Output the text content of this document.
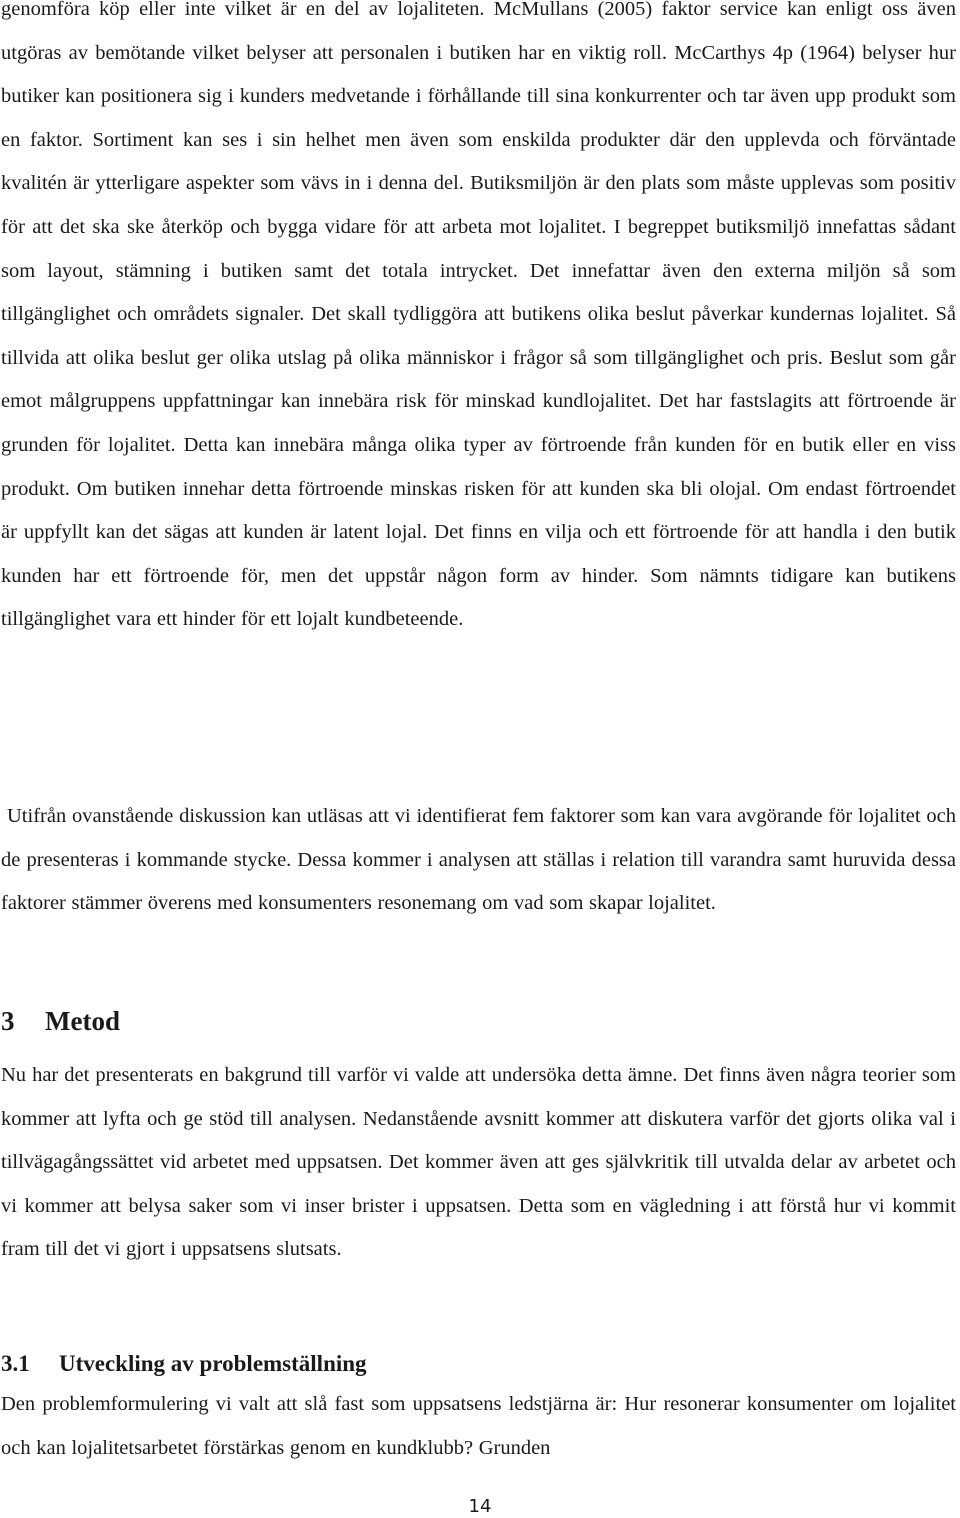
genomföra köp eller inte vilket är en del av lojaliteten. McMullans (2005) faktor service kan enligt oss även utgöras av bemötande vilket belyser att personalen i butiken har en viktig roll. McCarthys 4p (1964) belyser hur butiker kan positionera sig i kunders medvetande i förhållande till sina konkurrenter och tar även upp produkt som en faktor. Sortiment kan ses i sin helhet men även som enskilda produkter där den upplevda och förväntade kvalitén är ytterligare aspekter som vävs in i denna del. Butiksmiljön är den plats som måste upplevas som positiv för att det ska ske återköp och bygga vidare för att arbeta mot lojalitet. I begreppet butiksmiljö innefattas sådant som layout, stämning i butiken samt det totala intrycket. Det innefattar även den externa miljön så som tillgänglighet och områdets signaler. Det skall tydliggöra att butikens olika beslut påverkar kundernas lojalitet. Så tillvida att olika beslut ger olika utslag på olika människor i frågor så som tillgänglighet och pris. Beslut som går emot målgruppens uppfattningar kan innebära risk för minskad kundlojalitet. Det har fastslagits att förtroende är grunden för lojalitet. Detta kan innebära många olika typer av förtroende från kunden för en butik eller en viss produkt. Om butiken innehar detta förtroende minskas risken för att kunden ska bli olojal. Om endast förtroendet är uppfyllt kan det sägas att kunden är latent lojal. Det finns en vilja och ett förtroende för att handla i den butik kunden har ett förtroende för, men det uppstår någon form av hinder. Som nämnts tidigare kan butikens tillgänglighet vara ett hinder för ett lojalt kundbeteende.

Utifrån ovanstående diskussion kan utläsas att vi identifierat fem faktorer som kan vara avgörande för lojalitet och de presenteras i kommande stycke. Dessa kommer i analysen att ställas i relation till varandra samt huruvida dessa faktorer stämmer överens med konsumenters resonemang om vad som skapar lojalitet.

3 Metod

Nu har det presenterats en bakgrund till varför vi valde att undersöka detta ämne. Det finns även några teorier som kommer att lyfta och ge stöd till analysen. Nedanstående avsnitt kommer att diskutera varför det gjorts olika val i tillvägagångssättet vid arbetet med uppsatsen. Det kommer även att ges självkritik till utvalda delar av arbetet och vi kommer att belysa saker som vi inser brister i uppsatsen. Detta som en vägledning i att förstå hur vi kommit fram till det vi gjort i uppsatsens slutsats.

3.1 Utveckling av problemställning

Den problemformulering vi valt att slå fast som uppsatsens ledstjärna är: Hur resonerar konsumenter om lojalitet och kan lojalitetsarbetet förstärkas genom en kundklubb? Grunden

14
